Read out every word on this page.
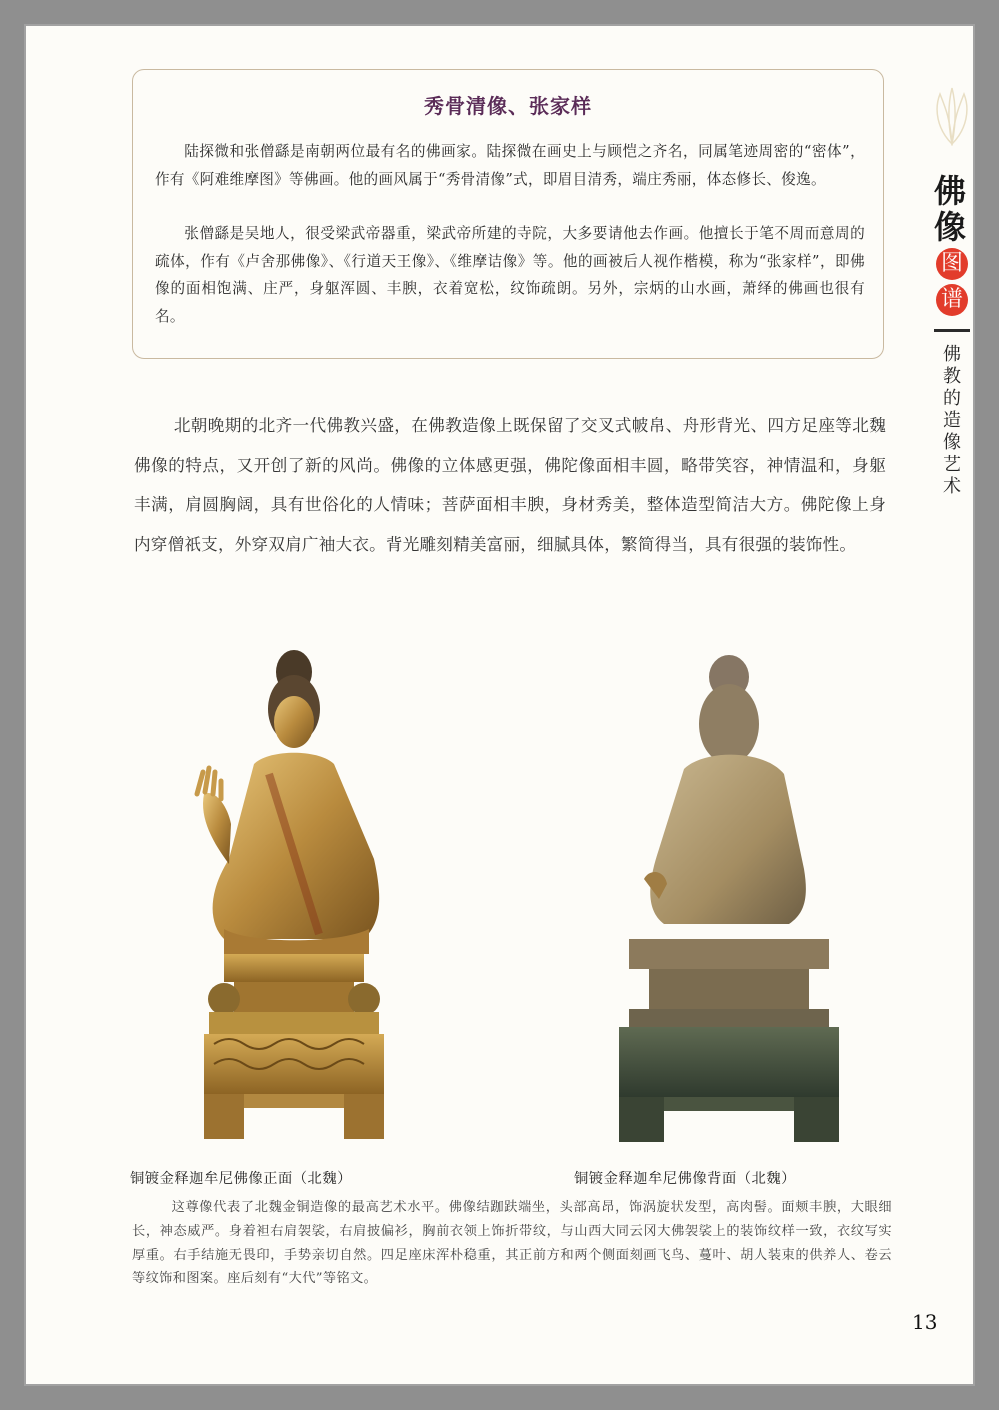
佛
像
图
谱
佛教的造像艺术
秀骨清像、张家样

陆探微和张僧繇是南朝两位最有名的佛画家。陆探微在画史上与顾恺之齐名，同属笔迹周密的“密体”，作有《阿难维摩图》等佛画。他的画风属于“秀骨清像”式，即眉目清秀，端庄秀丽，体态修长、俊逸。

张僧繇是吴地人，很受梁武帝器重，梁武帝所建的寺院，大多要请他去作画。他擅长于笔不周而意周的疏体，作有《卢舍那佛像》、《行道天王像》、《维摩诘像》等。他的画被后人视作楷模，称为“张家样”，即佛像的面相饱满、庄严，身躯浑圆、丰腴，衣着宽松，纹饰疏朗。另外，宗炳的山水画，萧绎的佛画也很有名。

北朝晚期的北齐一代佛教兴盛，在佛教造像上既保留了交叉式帔帛、舟形背光、四方足座等北魏佛像的特点，又开创了新的风尚。佛像的立体感更强，佛陀像面相丰圆，略带笑容，神情温和，身躯丰满，肩圆胸阔，具有世俗化的人情味；菩萨面相丰腴，身材秀美，整体造型简洁大方。佛陀像上身内穿僧祇支，外穿双肩广袖大衣。背光雕刻精美富丽，细腻具体，繁简得当，具有很强的装饰性。

铜镀金释迦牟尼佛像正面（北魏）	铜镀金释迦牟尼佛像背面（北魏）

这尊像代表了北魏金铜造像的最高艺术水平。佛像结跏趺端坐，头部高昂，饰涡旋状发型，高肉髻。面颊丰腴，大眼细长，神态威严。身着袒右肩袈裟，右肩披偏衫，胸前衣领上饰折带纹，与山西大同云冈大佛袈裟上的装饰纹样一致，衣纹写实厚重。右手结施无畏印，手势亲切自然。四足座床浑朴稳重，其正前方和两个侧面刻画飞鸟、蔓叶、胡人装束的供养人、卷云等纹饰和图案。座后刻有“大代”等铭文。

13
